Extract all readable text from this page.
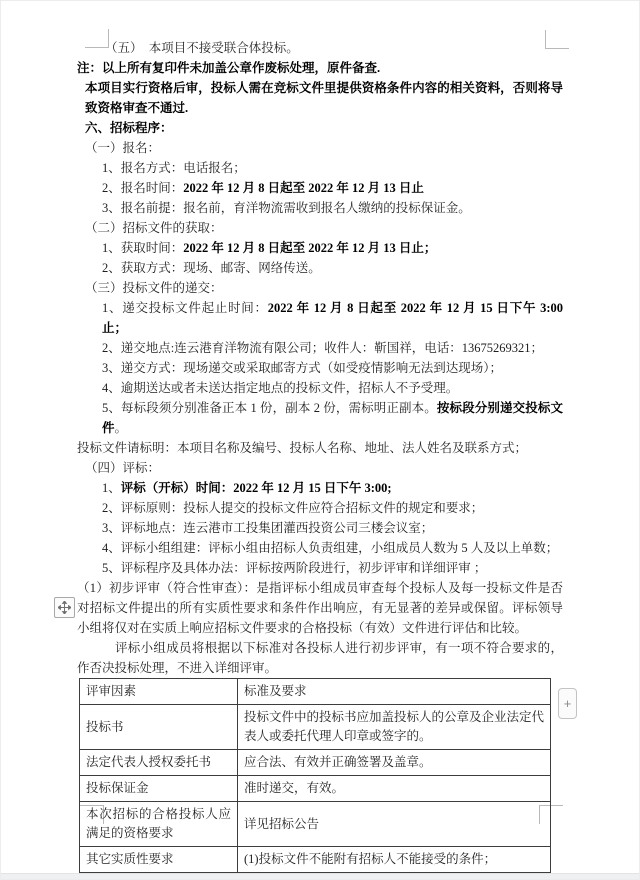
（五）　本项目不接受联合体投标。
注：以上所有复印件未加盖公章作废标处理，原件备查.
本项目实行资格后审，投标人需在竞标文件里提供资格条件内容的相关资料，否则将导致资格审查不通过.
六、招标程序：
（一）报名：
1、报名方式：电话报名；
2、报名时间：2022 年 12 月 8 日起至 2022 年 12 月 13 日止
3、报名前提：报名前，育洋物流需收到报名人缴纳的投标保证金。
（二）招标文件的获取：
1、获取时间：2022 年 12 月 8 日起至 2022 年 12 月 13 日止；
2、获取方式：现场、邮寄、网络传送。
（三）投标文件的递交：
1、递交投标文件起止时间：2022 年 12 月 8 日起至 2022 年 12 月 15 日下午 3:00 止；
2、递交地点:连云港育洋物流有限公司；收件人：靳国祥，电话：13675269321；
3、递交方式：现场递交或采取邮寄方式（如受疫情影响无法到达现场）；
4、逾期送达或者未送达指定地点的投标文件，招标人不予受理。
5、每标段须分别准备正本 1 份，副本 2 份，需标明正副本。按标段分别递交投标文件。
投标文件请标明：本项目名称及编号、投标人名称、地址、法人姓名及联系方式；
（四）评标：
1、评标（开标）时间：2022 年 12 月 15 日下午 3:00;
2、评标原则：投标人提交的投标文件应符合招标文件的规定和要求；
3、评标地点：连云港市工投集团灌西投资公司三楼会议室；
4、评标小组组建：评标小组由招标人负责组建，小组成员人数为 5 人及以上单数；
5、评标程序及具体办法：评标按两阶段进行，初步评审和详细评审 ；
（1）初步评审（符合性审查）：是指评标小组成员审查每个投标人及每一投标文件是否对招标文件提出的所有实质性要求和条件作出响应，有无显著的差异或保留。评标领导小组将仅对在实质上响应招标文件要求的合格投标（有效）文件进行评估和比较。
评标小组成员将根据以下标准对各投标人进行初步评审，有一项不符合要求的，作否决投标处理，不进入详细评审。
评审因素	标准及要求
投标书	投标文件中的投标书应加盖投标人的公章及企业法定代表人或委托代理人印章或签字的。
法定代表人授权委托书	应合法、有效并正确签署及盖章。
投标保证金	准时递交，有效。
本次招标的合格投标人应满足的资格要求	详见招标公告
其它实质性要求	(1)投标文件不能附有招标人不能接受的条件；
+
